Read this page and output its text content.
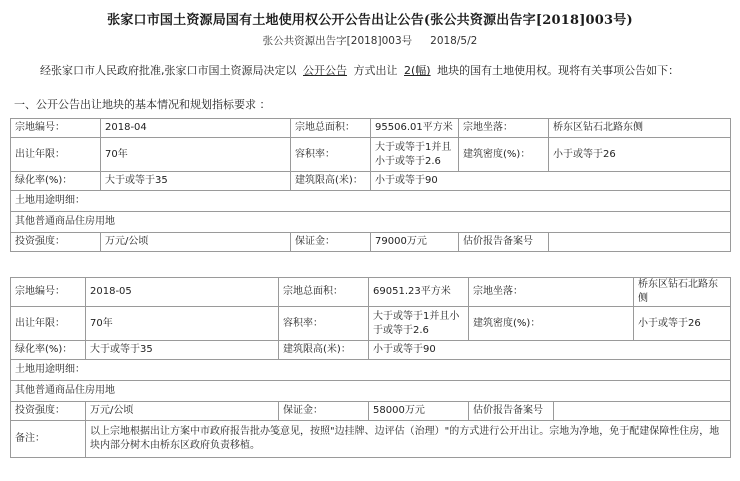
张家口市国土资源局国有土地使用权公开公告出让公告(张公共资源出告字[2018]003号)
张公共资源出告字[2018]003号 2018/5/2
经张家口市人民政府批准,张家口市国土资源局决定以 公开公告 方式出让 2(幅) 地块的国有土地使用权。现将有关事项公告如下：
一、公开公告出让地块的基本情况和规划指标要求 ：
宗地编号：	2018-04	宗地总面积：	95506.01平方米	宗地坐落：	桥东区钻石北路东侧
出让年限：	70年	容积率：	大于或等于1并且小于或等于2.6	建筑密度(%)：	小于或等于26
绿化率(%)：	大于或等于35	建筑限高(米)：	小于或等于90		
土地用途明细：					
其他普通商品住房用地					
投资强度：	万元/公顷	保证金：	79000万元	估价报告备案号	
宗地编号：	2018-05	宗地总面积：	69051.23平方米	宗地坐落：		桥东区钻石北路东侧
出让年限：	70年	容积率：	大于或等于1并且小于或等于2.6	建筑密度(%)：		小于或等于26
绿化率(%)：	大于或等于35	建筑限高(米)：	小于或等于90			
土地用途明细：						
其他普通商品住房用地						
投资强度：	万元/公顷	保证金：	58000万元	估价报告备案号		
备注：	以上宗地根据出让方案中市政府报告批办笺意见，按照"边挂牌、边评估（治理）"的方式进行公开出让。宗地为净地，免于配建保障性住房，地块内部分树木由桥东区政府负责移植。					
